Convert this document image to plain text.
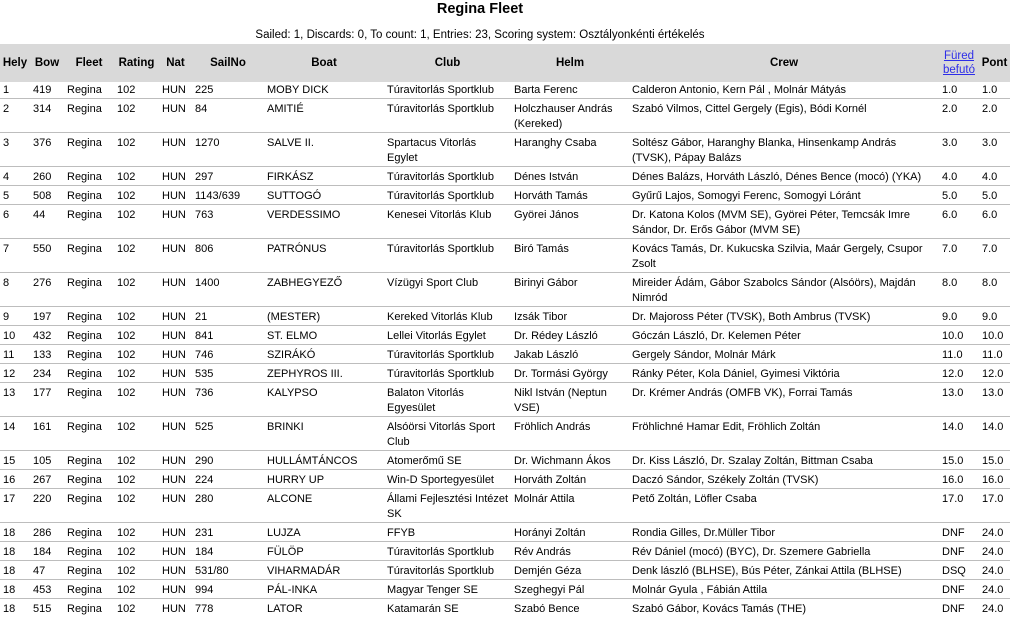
Regina Fleet
Sailed: 1, Discards: 0, To count: 1, Entries: 23, Scoring system: Osztályonkénti értékelés
Hely	Bow	Fleet	Rating	Nat	SailNo	Boat	Club	Helm	Crew	Füred befutó	Pont
1	419	Regina	102	HUN	225	MOBY DICK	Túravitorlás Sportklub	Barta Ferenc	Calderon Antonio, Kern Pál , Molnár Mátyás	1.0	1.0

2	314	Regina	102	HUN	84	AMITIÉ	Túravitorlás Sportklub	Holczhauser András (Kereked)	Szabó Vilmos, Cittel Gergely (Egis), Bódi Kornél	2.0	2.0

3	376	Regina	102	HUN	1270	SALVE II.	Spartacus Vitorlás Egylet	Haranghy Csaba	Soltész Gábor, Haranghy Blanka, Hinsenkamp András (TVSK), Pápay Balázs	3.0	3.0

4	260	Regina	102	HUN	297	FIRKÁSZ	Túravitorlás Sportklub	Dénes István	Dénes Balázs, Horváth László, Dénes Bence (mocó) (YKA)	4.0	4.0

5	508	Regina	102	HUN	1143/639	SUTTOGÓ	Túravitorlás Sportklub	Horváth Tamás	Gyűrű Lajos, Somogyi Ferenc, Somogyi Lóránt	5.0	5.0

6	44	Regina	102	HUN	763	VERDESSIMO	Kenesei Vitorlás Klub	Györei János	Dr. Katona Kolos (MVM SE), Györei Péter, Temcsák Imre Sándor, Dr. Erős Gábor (MVM SE)	6.0	6.0

7	550	Regina	102	HUN	806	PATRÓNUS	Túravitorlás Sportklub	Biró Tamás	Kovács Tamás, Dr. Kukucska Szilvia, Maár Gergely, Csupor Zsolt	7.0	7.0

8	276	Regina	102	HUN	1400	ZABHEGYEZŐ	Vízügyi Sport Club	Birinyi Gábor	Mireider Ádám, Gábor Szabolcs Sándor (Alsóörs), Majdán Nimród	8.0	8.0

9	197	Regina	102	HUN	21	(MESTER)	Kereked Vitorlás Klub	Izsák Tibor	Dr. Majoross Péter (TVSK), Both Ambrus (TVSK)	9.0	9.0

10	432	Regina	102	HUN	841	ST. ELMO	Lellei Vitorlás Egylet	Dr. Rédey László	Góczán László, Dr. Kelemen Péter	10.0	10.0

11	133	Regina	102	HUN	746	SZIRÁKÓ	Túravitorlás Sportklub	Jakab László	Gergely Sándor, Molnár Márk	11.0	11.0

12	234	Regina	102	HUN	535	ZEPHYROS III.	Túravitorlás Sportklub	Dr. Tormási György	Ránky Péter, Kola Dániel, Gyimesi Viktória	12.0	12.0

13	177	Regina	102	HUN	736	KALYPSO	Balaton Vitorlás Egyesület	Nikl István (Neptun VSE)	Dr. Krémer András (OMFB VK), Forrai Tamás	13.0	13.0

14	161	Regina	102	HUN	525	BRINKI	Alsóörsi Vitorlás Sport Club	Fröhlich András	Fröhlichné Hamar Edit, Fröhlich Zoltán	14.0	14.0

15	105	Regina	102	HUN	290	HULLÁMTÁNCOS	Atomerőmű SE	Dr. Wichmann Ákos	Dr. Kiss László, Dr. Szalay Zoltán, Bittman Csaba	15.0	15.0

16	267	Regina	102	HUN	224	HURRY UP	Win-D Sportegyesület	Horváth Zoltán	Daczó Sándor, Székely Zoltán (TVSK)	16.0	16.0

17	220	Regina	102	HUN	280	ALCONE	Állami Fejlesztési Intézet SK	Molnár Attila	Pető Zoltán, Löfler Csaba	17.0	17.0

18	286	Regina	102	HUN	231	LUJZA	FFYB	Horányi Zoltán	Rondia Gilles, Dr.Müller Tibor	DNF	24.0

18	184	Regina	102	HUN	184	FÜLÖP	Túravitorlás Sportklub	Rév András	Rév Dániel (mocó) (BYC), Dr. Szemere Gabriella	DNF	24.0

18	47	Regina	102	HUN	531/80	VIHARMADÁR	Túravitorlás Sportklub	Demjén Géza	Denk lászló (BLHSE), Bús Péter, Zánkai Attila (BLHSE)	DSQ	24.0

18	453	Regina	102	HUN	994	PÁL-INKA	Magyar Tenger SE	Szeghegyi Pál	Molnár Gyula , Fábián Attila	DNF	24.0

18	515	Regina	102	HUN	778	LATOR	Katamarán SE	Szabó Bence	Szabó Gábor, Kovács Tamás (THE)	DNF	24.0
